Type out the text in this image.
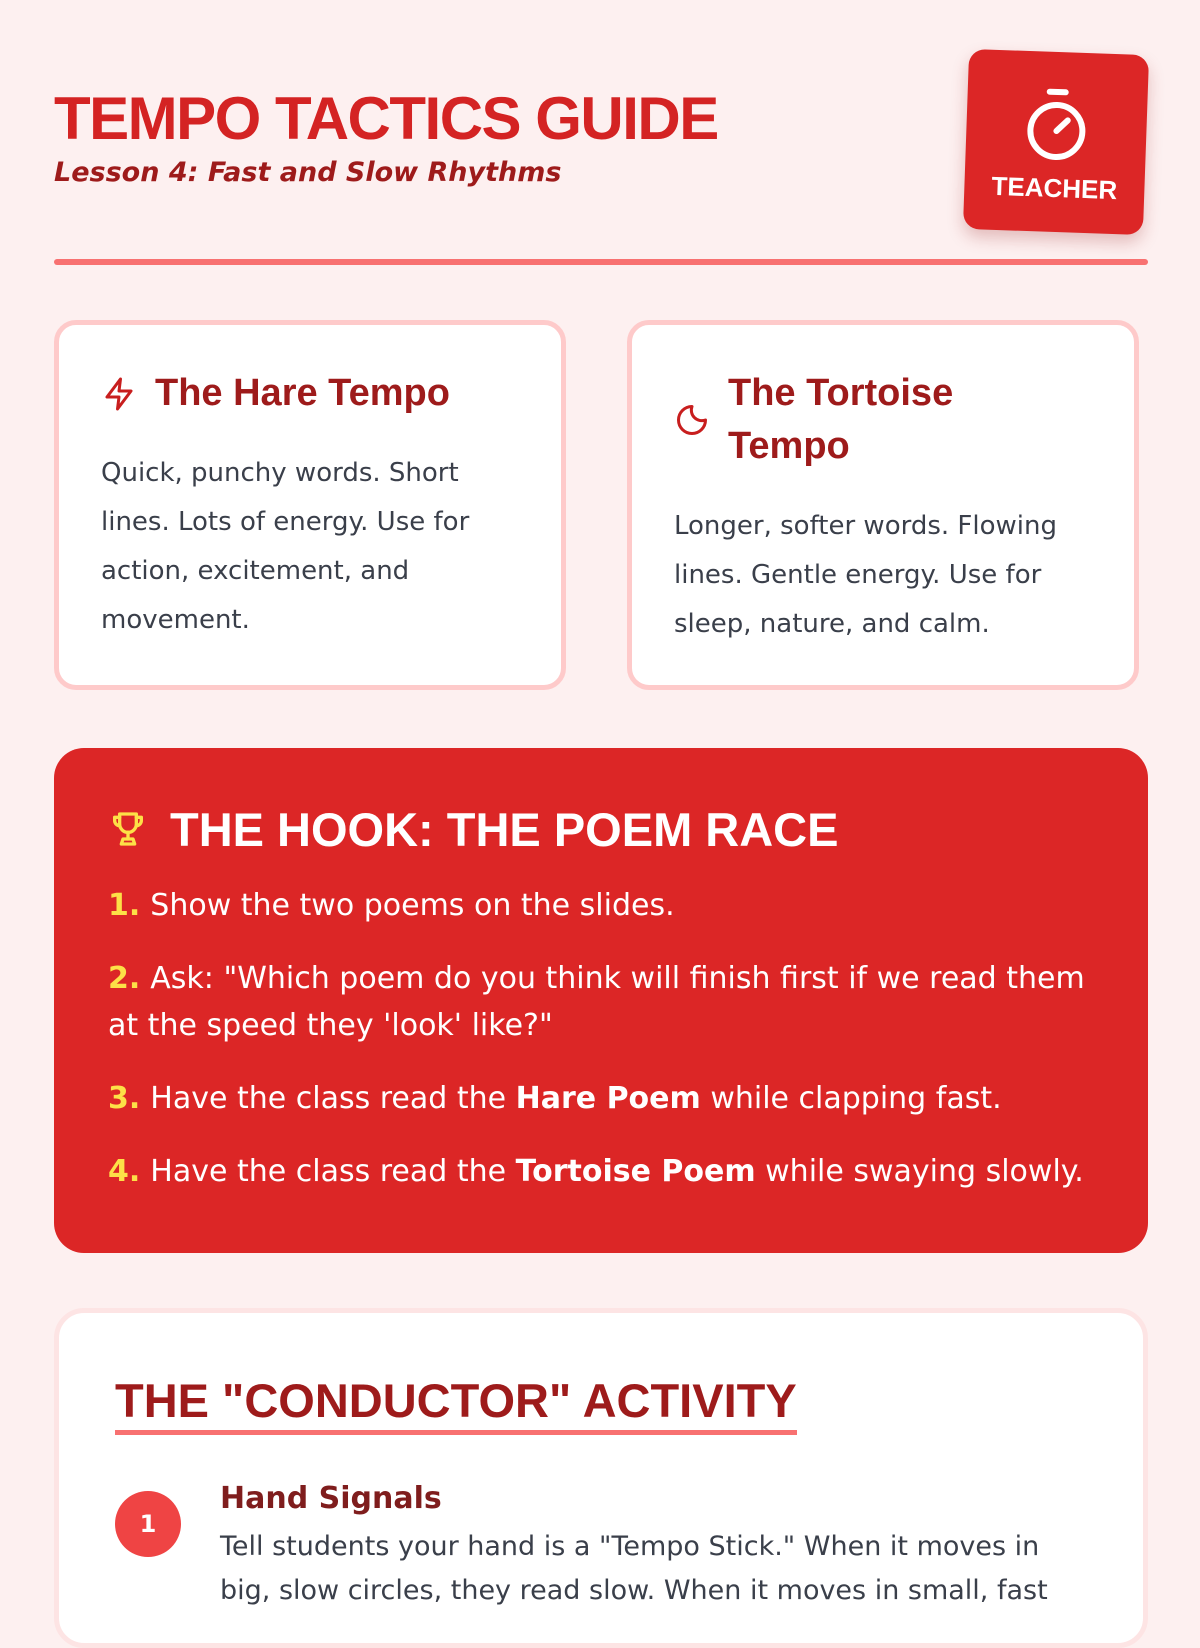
TEMPO TACTICS GUIDE

Lesson 4: Fast and Slow Rhythms	TEACHER
The Hare Tempo

Quick, punchy words. Short lines. Lots of energy. Use for action, excitement, and movement.

The Tortoise Tempo

Longer, softer words. Flowing lines. Gentle energy. Use for sleep, nature, and calm.

THE HOOK: THE POEM RACE
1. Show the two poems on the slides.
2. Ask: "Which poem do you think will finish first if we read them at the speed they 'look' like?"
3. Have the class read the Hare Poem while clapping fast.
4. Have the class read the Tortoise Poem while swaying slowly.
THE "CONDUCTOR" ACTIVITY
1
Hand Signals

Tell students your hand is a "Tempo Stick." When it moves in big, slow circles, they read slow. When it moves in small, fast
